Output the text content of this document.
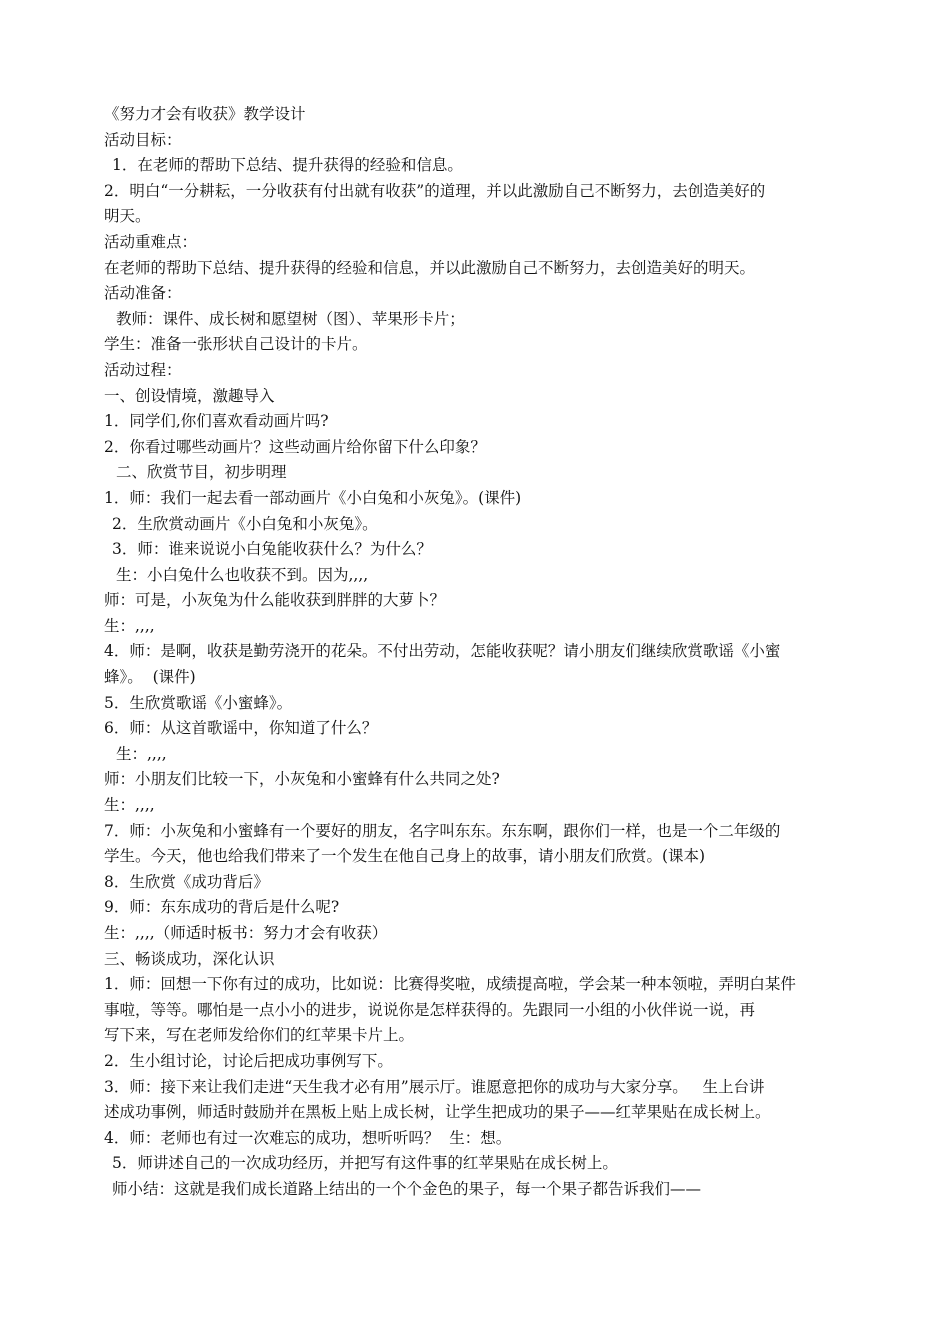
《努力才会有收获》教学设计
活动目标：
1．在老师的帮助下总结、提升获得的经验和信息。
2．明白“一分耕耘，一分收获有付出就有收获”的道理，并以此激励自己不断努力，去创造美好的
明天。
活动重难点：
在老师的帮助下总结、提升获得的经验和信息，并以此激励自己不断努力，去创造美好的明天。
活动准备：
教师：课件、成长树和愿望树（图）、苹果形卡片；
学生：准备一张形状自己设计的卡片。
活动过程：
一、创设情境，激趣导入
1．同学们,你们喜欢看动画片吗?
2．你看过哪些动画片？这些动画片给你留下什么印象？
二、欣赏节目，初步明理
1．师：我们一起去看一部动画片《小白兔和小灰兔》。(课件)
2．生欣赏动画片《小白兔和小灰兔》。
3．师：谁来说说小白兔能收获什么？为什么？
生：小白兔什么也收获不到。因为,,,,
师：可是，小灰兔为什么能收获到胖胖的大萝卜？
生：,,,,
4．师：是啊，收获是勤劳浇开的花朵。不付出劳动，怎能收获呢？请小朋友们继续欣赏歌谣《小蜜
蜂》。  (课件)
5．生欣赏歌谣《小蜜蜂》。
6．师：从这首歌谣中，你知道了什么？
生：,,,,
师：小朋友们比较一下，小灰兔和小蜜蜂有什么共同之处?
生：,,,,
7．师：小灰兔和小蜜蜂有一个要好的朋友，名字叫东东。东东啊，跟你们一样，也是一个二年级的
学生。今天，他也给我们带来了一个发生在他自己身上的故事，请小朋友们欣赏。(课本)
8．生欣赏《成功背后》
9．师：东东成功的背后是什么呢?
生：,,,,（师适时板书：努力才会有收获）
三、畅谈成功，深化认识
1．师：回想一下你有过的成功，比如说：比赛得奖啦，成绩提高啦，学会某一种本领啦，弄明白某件
事啦，等等。哪怕是一点小小的进步，说说你是怎样获得的。先跟同一小组的小伙伴说一说，再
写下来，写在老师发给你们的红苹果卡片上。
2．生小组讨论，讨论后把成功事例写下。
3．师：接下来让我们走进“天生我才必有用”展示厅。谁愿意把你的成功与大家分享。   生上台讲
述成功事例，师适时鼓励并在黑板上贴上成长树，让学生把成功的果子——红苹果贴在成长树上。
4．师：老师也有过一次难忘的成功，想听听吗？  生：想。
5．师讲述自己的一次成功经历，并把写有这件事的红苹果贴在成长树上。
师小结：这就是我们成长道路上结出的一个个金色的果子，每一个果子都告诉我们——
